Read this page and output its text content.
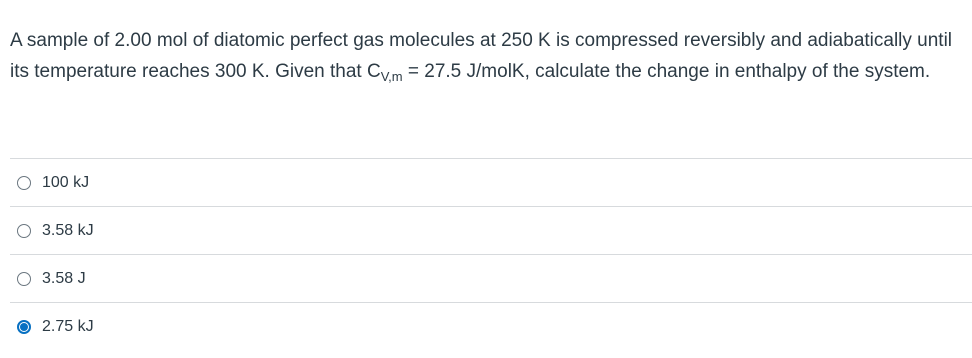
A sample of 2.00 mol of diatomic perfect gas molecules at 250 K is compressed reversibly and adiabatically until its temperature reaches 300 K. Given that $C_{V,m} = 27.5$ J/molK, calculate the change in enthalpy of the system.

100 kJ
3.58 kJ
3.58 J
2.75 kJ
